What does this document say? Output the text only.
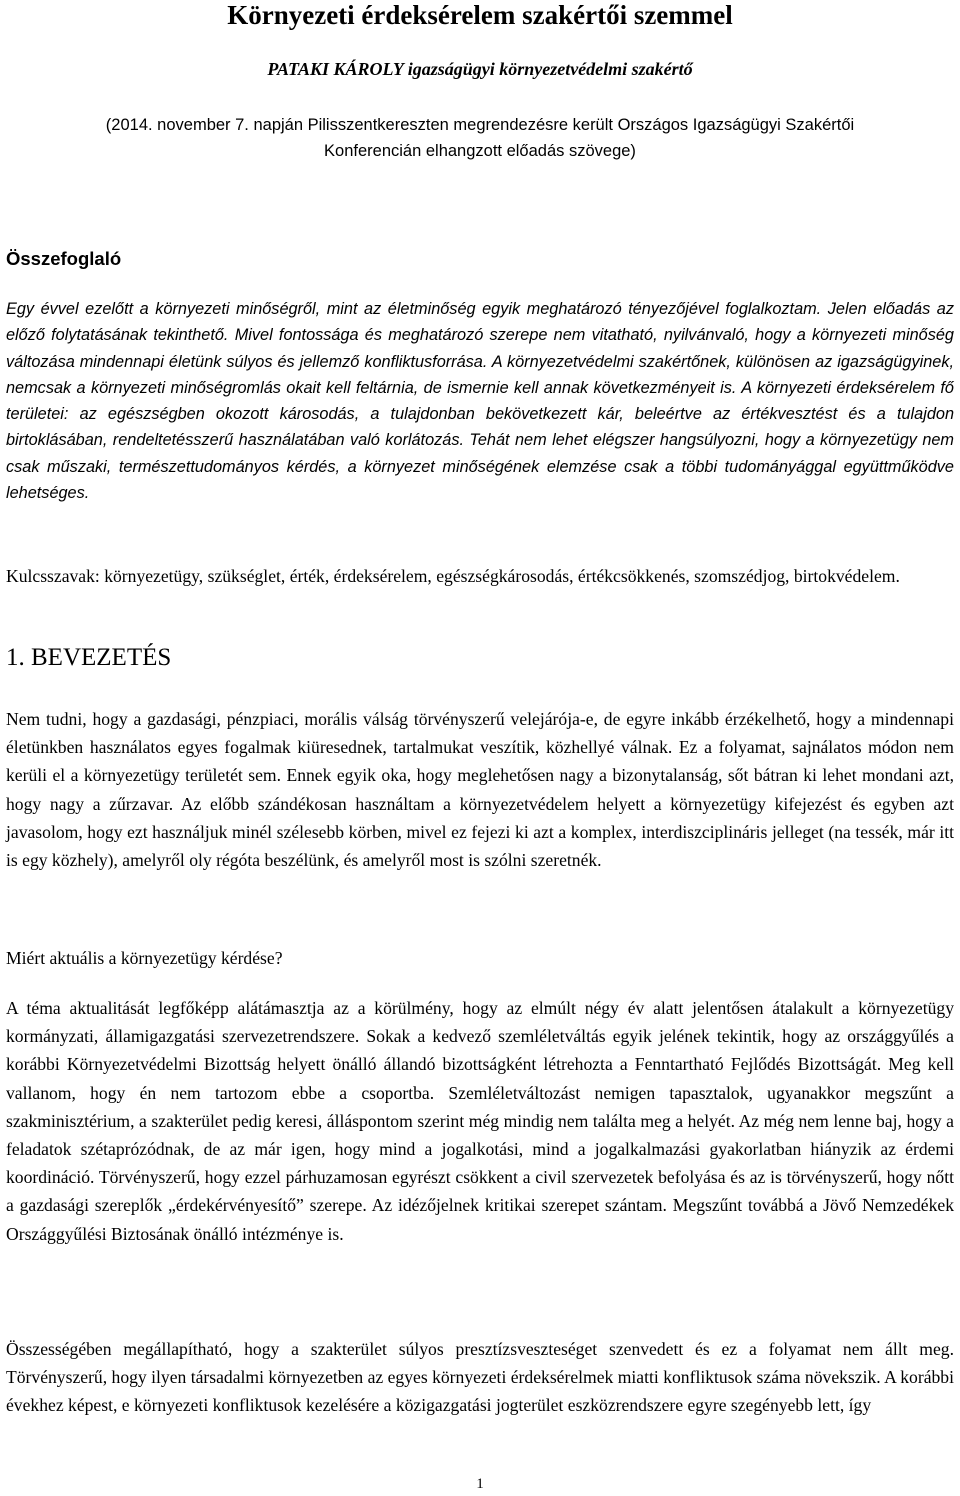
Környezeti érdeksérelem szakértői szemmel
PATAKI KÁROLY igazságügyi környezetvédelmi szakértő
(2014. november 7. napján Pilisszentkereszten megrendezésre került Országos Igazságügyi Szakértői Konferencián elhangzott előadás szövege)
Összefoglaló

Egy évvel ezelőtt a környezeti minőségről, mint az életminőség egyik meghatározó tényezőjével foglalkoztam. Jelen előadás az előző folytatásának tekinthető. Mivel fontossága és meghatározó szerepe nem vitatható, nyilvánvaló, hogy a környezeti minőség változása mindennapi életünk súlyos és jellemző konfliktusforrása. A környezetvédelmi szakértőnek, különösen az igazságügyinek, nemcsak a környezeti minőségromlás okait kell feltárnia, de ismernie kell annak következményeit is. A környezeti érdeksérelem fő területei: az egészségben okozott károsodás, a tulajdonban bekövetkezett kár, beleértve az értékvesztést és a tulajdon birtoklásában, rendeltetésszerű használatában való korlátozás. Tehát nem lehet elégszer hangsúlyozni, hogy a környezetügy nem csak műszaki, természettudományos kérdés, a környezet minőségének elemzése csak a többi tudományággal együttműködve lehetséges.

Kulcsszavak: környezetügy, szükséglet, érték, érdeksérelem, egészségkárosodás, értékcsökkenés, szomszédjog, birtokvédelem.

1. BEVEZETÉS

Nem tudni, hogy a gazdasági, pénzpiaci, morális válság törvényszerű velejárója-e, de egyre inkább érzékelhető, hogy a mindennapi életünkben használatos egyes fogalmak kiüresednek, tartalmukat veszítik, közhellyé válnak. Ez a folyamat, sajnálatos módon nem kerüli el a környezetügy területét sem. Ennek egyik oka, hogy meglehetősen nagy a bizonytalanság, sőt bátran ki lehet mondani azt, hogy nagy a zűrzavar. Az előbb szándékosan használtam a környezetvédelem helyett a környezetügy kifejezést és egyben azt javasolom, hogy ezt használjuk minél szélesebb körben, mivel ez fejezi ki azt a komplex, interdiszciplináris jelleget (na tessék, már itt is egy közhely), amelyről oly régóta beszélünk, és amelyről most is szólni szeretnék.

Miért aktuális a környezetügy kérdése?

A téma aktualitását legfőképp alátámasztja az a körülmény, hogy az elmúlt négy év alatt jelentősen átalakult a környezetügy kormányzati, államigazgatási szervezetrendszere. Sokak a kedvező szemléletváltás egyik jelének tekintik, hogy az országgyűlés a korábbi Környezetvédelmi Bizottság helyett önálló állandó bizottságként létrehozta a Fenntartható Fejlődés Bizottságát. Meg kell vallanom, hogy én nem tartozom ebbe a csoportba. Szemléletváltozást nemigen tapasztalok, ugyanakkor megszűnt a szakminisztérium, a szakterület pedig keresi, álláspontom szerint még mindig nem találta meg a helyét. Az még nem lenne baj, hogy a feladatok szétaprózódnak, de az már igen, hogy mind a jogalkotási, mind a jogalkalmazási gyakorlatban hiányzik az érdemi koordináció. Törvényszerű, hogy ezzel párhuzamosan egyrészt csökkent a civil szervezetek befolyása és az is törvényszerű, hogy nőtt a gazdasági szereplők „érdekérvényesítő” szerepe. Az idézőjelnek kritikai szerepet szántam. Megszűnt továbbá a Jövő Nemzedékek Országgyűlési Biztosának önálló intézménye is.

Összességében megállapítható, hogy a szakterület súlyos presztízsveszteséget szenvedett és ez a folyamat nem állt meg. Törvényszerű, hogy ilyen társadalmi környezetben az egyes környezeti érdeksérelmek miatti konfliktusok száma növekszik. A korábbi évekhez képest, e környezeti konfliktusok kezelésére a közigazgatási jogterület eszközrendszere egyre szegényebb lett, így

1
